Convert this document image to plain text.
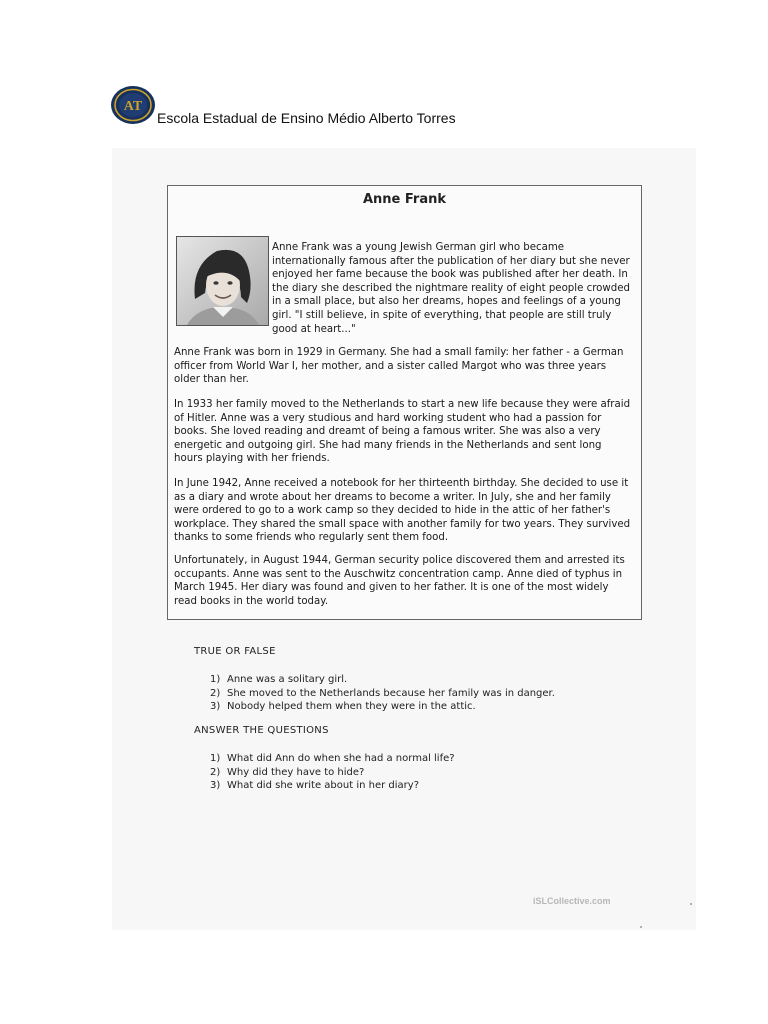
AT
Escola Estadual de Ensino Médio Alberto Torres
Anne Frank

Anne Frank was a young Jewish German girl who became internationally famous after the publication of her diary but she never enjoyed her fame because the book was published after her death. In the diary she described the nightmare reality of eight people crowded in a small place, but also her dreams, hopes and feelings of a young girl. "I still believe, in spite of everything, that people are still truly good at heart..."

Anne Frank was born in 1929 in Germany. She had a small family: her father - a German officer from World War I, her mother, and a sister called Margot who was three years older than her.

In 1933 her family moved to the Netherlands to start a new life because they were afraid of Hitler. Anne was a very studious and hard working student who had a passion for books. She loved reading and dreamt of being a famous writer. She was also a very energetic and outgoing girl. She had many friends in the Netherlands and sent long hours playing with her friends.

In June 1942, Anne received a notebook for her thirteenth birthday. She decided to use it as a diary and wrote about her dreams to become a writer. In July, she and her family were ordered to go to a work camp so they decided to hide in the attic of her father's workplace. They shared the small space with another family for two years. They survived thanks to some friends who regularly sent them food.

Unfortunately, in August 1944, German security police discovered them and arrested its occupants. Anne was sent to the Auschwitz concentration camp. Anne died of typhus in March 1945. Her diary was found and given to her father. It is one of the most widely read books in the world today.

TRUE OR FALSE
1) Anne was a solitary girl.
2) She moved to the Netherlands because her family was in danger.
3) Nobody helped them when they were in the attic.
ANSWER THE QUESTIONS
1) What did Ann do when she had a normal life?
2) Why did they have to hide?
3) What did she write about in her diary?
iSLCollective.com
